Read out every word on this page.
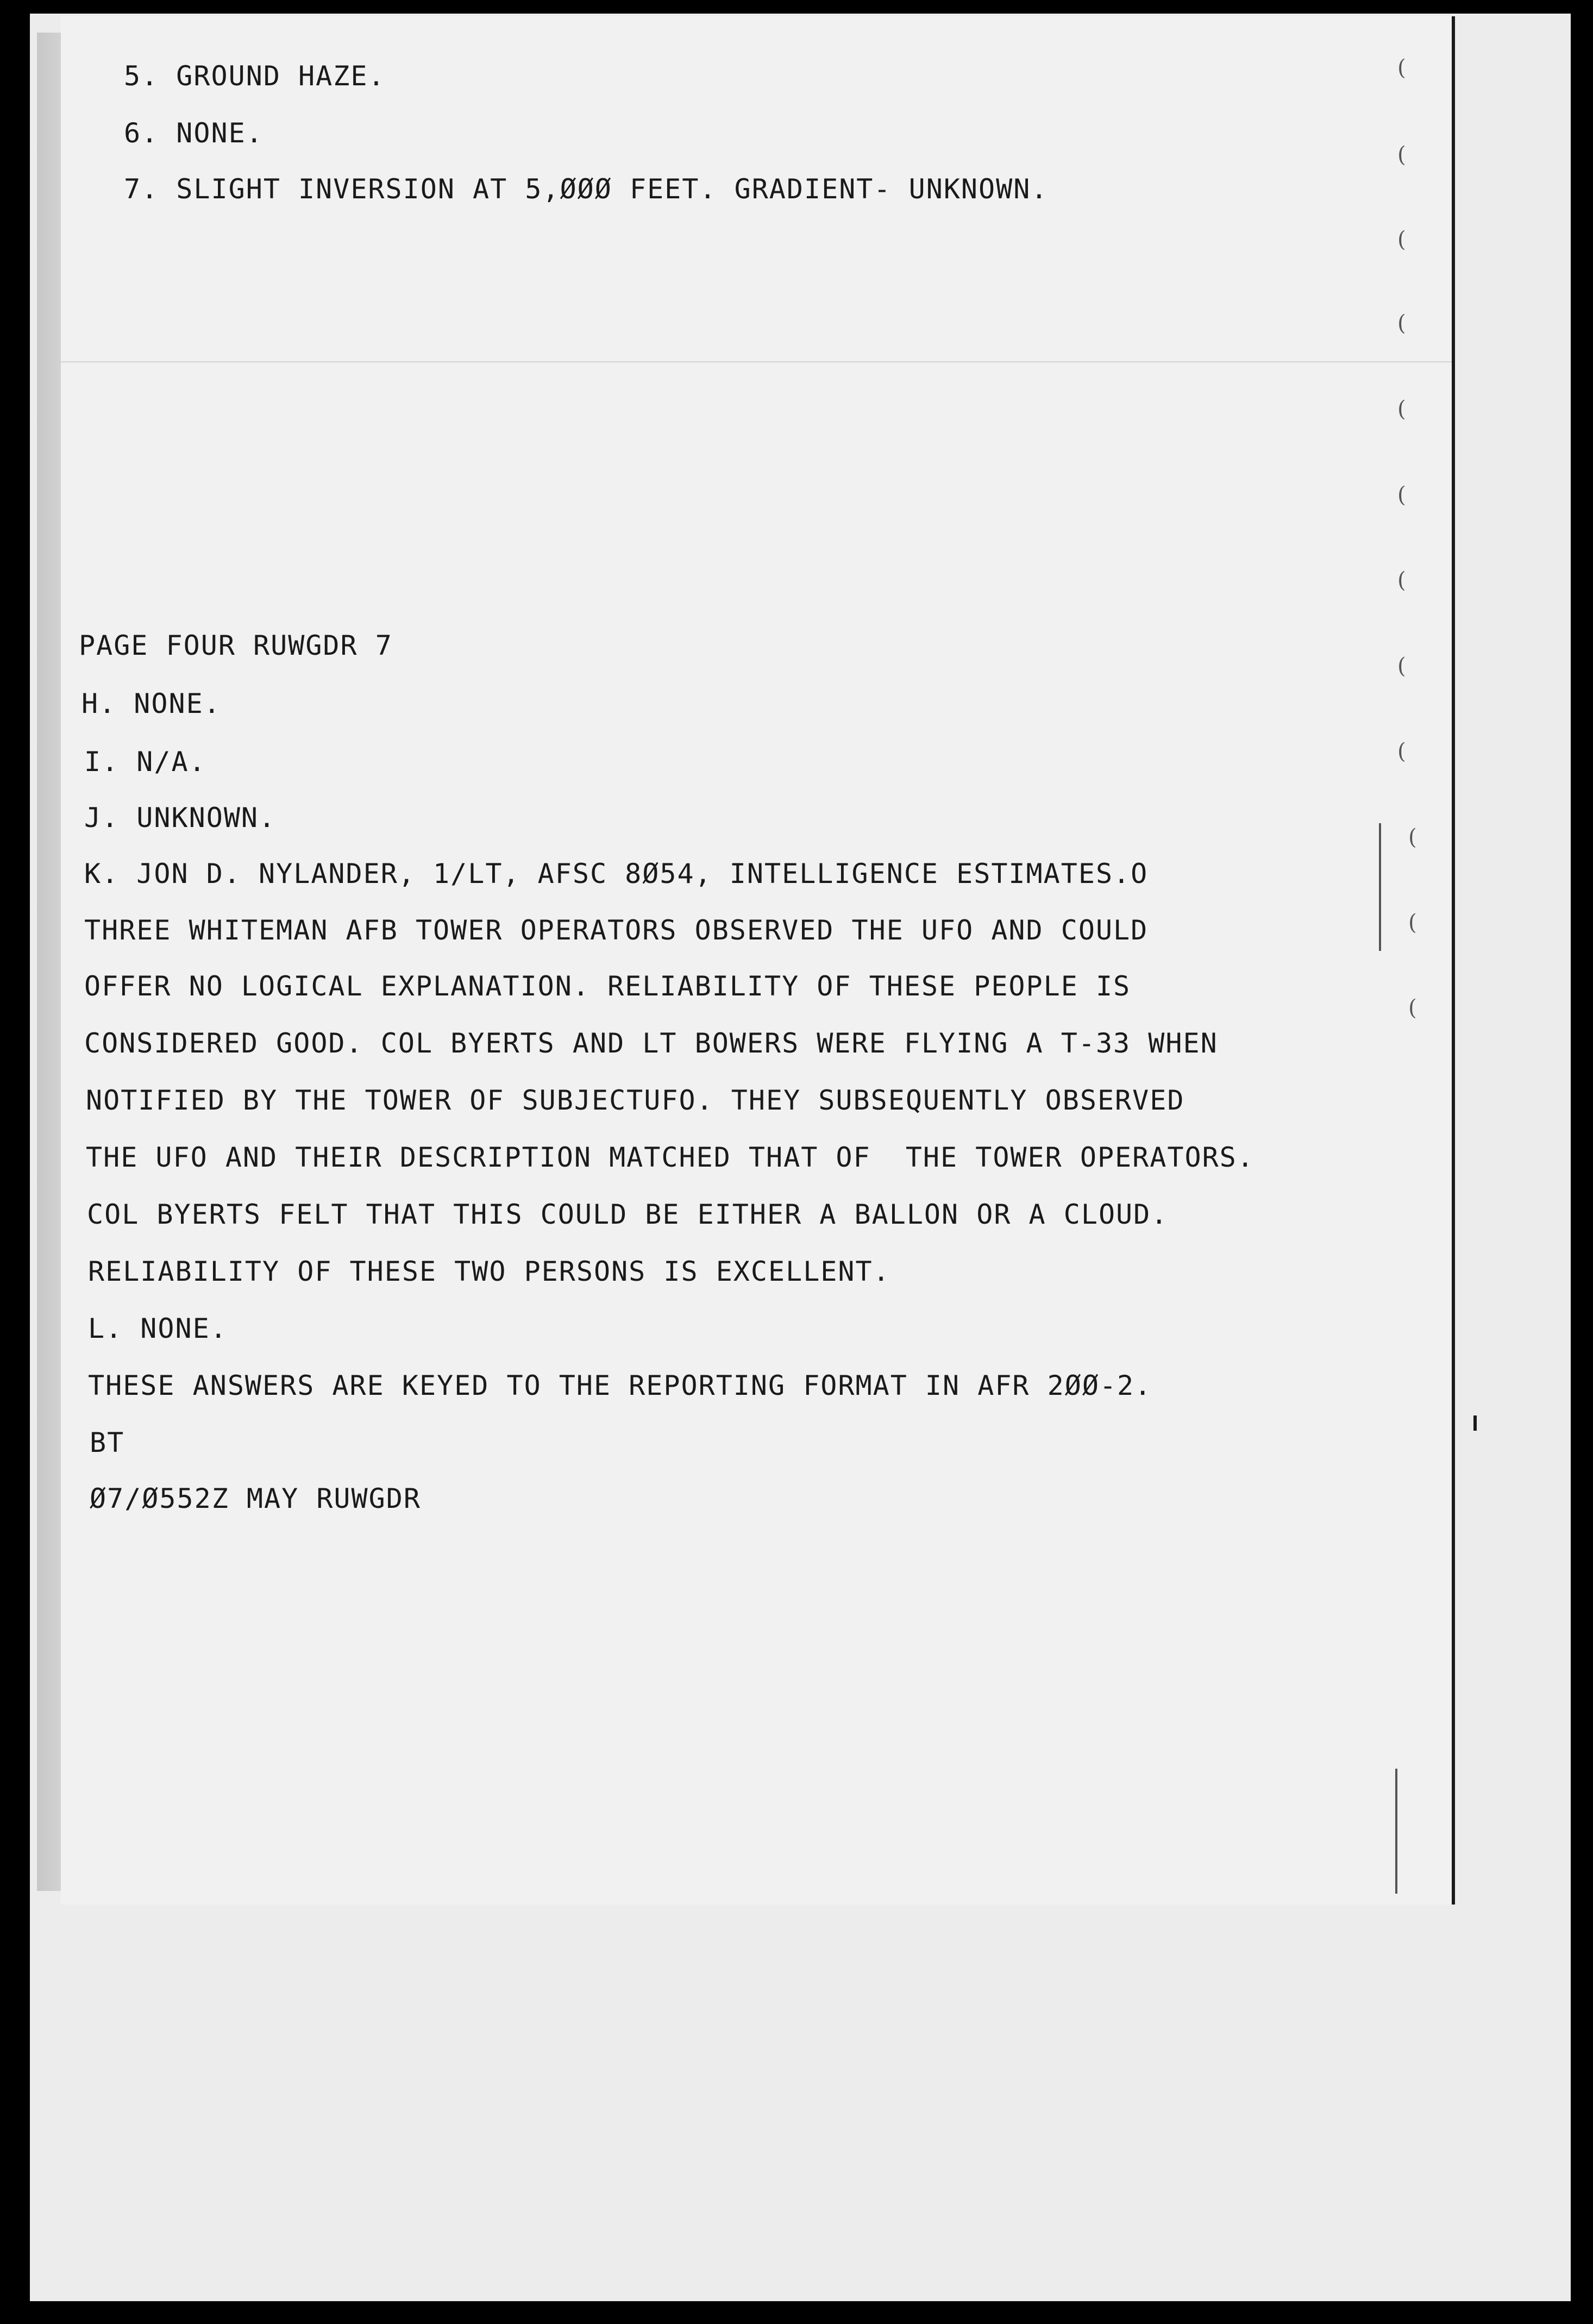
(
(
(
(
(
(
(
(
(
(
(
(
5. GROUND HAZE.
6. NONE.
7. SLIGHT INVERSION AT 5,ØØØ FEET. GRADIENT- UNKNOWN.
PAGE FOUR RUWGDR 7
H. NONE.
I. N/A.
J. UNKNOWN.
K. JON D. NYLANDER, 1/LT, AFSC 8Ø54, INTELLIGENCE ESTIMATES.O
THREE WHITEMAN AFB TOWER OPERATORS OBSERVED THE UFO AND COULD
OFFER NO LOGICAL EXPLANATION. RELIABILITY OF THESE PEOPLE IS
CONSIDERED GOOD. COL BYERTS AND LT BOWERS WERE FLYING A T-33 WHEN
NOTIFIED BY THE TOWER OF SUBJECTUFO. THEY SUBSEQUENTLY OBSERVED
THE UFO AND THEIR DESCRIPTION MATCHED THAT OF  THE TOWER OPERATORS.
COL BYERTS FELT THAT THIS COULD BE EITHER A BALLON OR A CLOUD.
RELIABILITY OF THESE TWO PERSONS IS EXCELLENT.
L. NONE.
THESE ANSWERS ARE KEYED TO THE REPORTING FORMAT IN AFR 2ØØ-2.
BT
Ø7/Ø552Z MAY RUWGDR
